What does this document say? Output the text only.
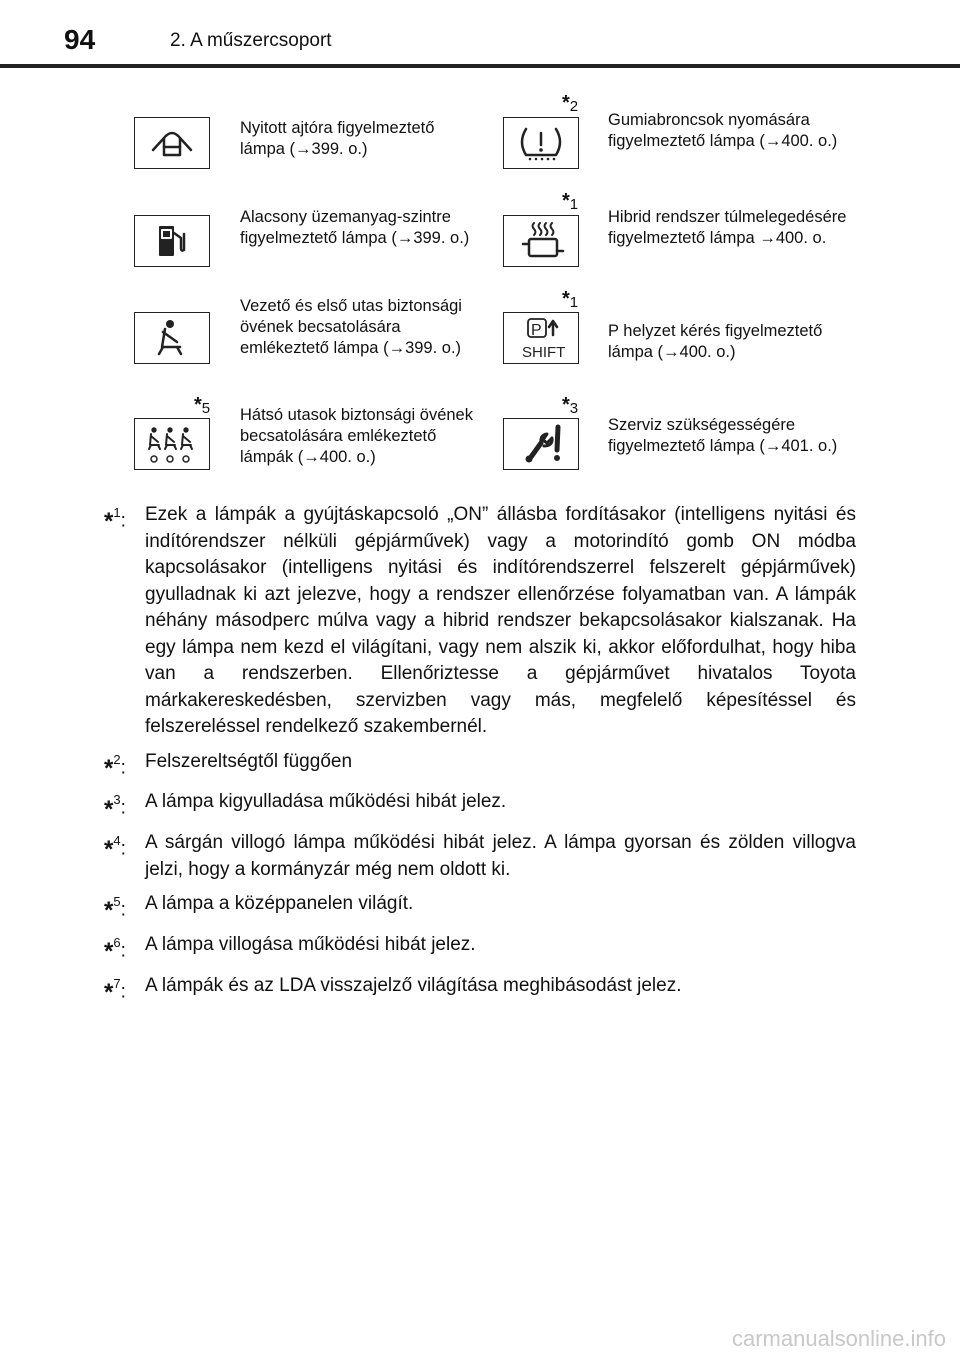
94	2. A műszercsoport
Nyitott ajtóra figyelmeztető lámpa (→399. o.)
*2
Gumiabroncsok nyomására figyelmeztető lámpa (→400. o.)
Alacsony üzemanyag-szintre figyelmeztető lámpa (→399. o.)
*1
Hibrid rendszer túlmelegedésére figyelmeztető lámpa →400. o.
Vezető és első utas biztonsági övének becsatolására emlékeztető lámpa (→399. o.)
*1
P
SHIFT
P helyzet kérés figyelmeztető lámpa (→400. o.)
*5 Hátsó utasok biztonsági övének becsatolására emlékeztető lámpák (→400. o.)
*3
Szerviz szükségességére figyelmeztető lámpa (→401. o.)
*$^1$:	Ezek a lámpák a gyújtáskapcsoló „ON” állásba fordításakor (intelligens nyitási és indítórendszer nélküli gépjárművek) vagy a motorindító gomb ON módba kapcsolásakor (intelligens nyitási és indítórendszerrel felszerelt gépjárművek) gyulladnak ki azt jelezve, hogy a rendszer ellenőrzése folyamatban van. A lámpák néhány másodperc múlva vagy a hibrid rendszer bekapcsolásakor kialszanak. Ha egy lámpa nem kezd el világítani, vagy nem alszik ki, akkor előfordulhat, hogy hiba van a rendszerben. Ellenőriztesse a gépjárművet hivatalos Toyota márkakereskedésben, szervizben vagy más, megfelelő képesítéssel és felszereléssel rendelkező szakembernél.
*$^2$:	Felszereltségtől függően
*$^3$:	A lámpa kigyulladása működési hibát jelez.
*$^4$:	A sárgán villogó lámpa működési hibát jelez. A lámpa gyorsan és zölden villogva jelzi, hogy a kormányzár még nem oldott ki.
*$^5$:	A lámpa a középpanelen világít.
*$^6$:	A lámpa villogása működési hibát jelez.
*$^7$:	A lámpák és az LDA visszajelző világítása meghibásodást jelez.
carmanualsonline.info
